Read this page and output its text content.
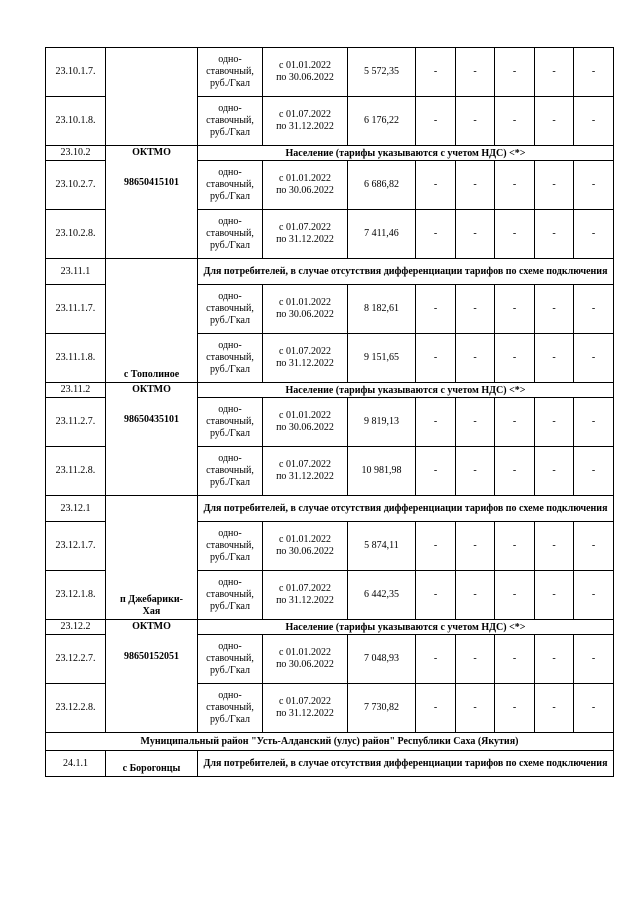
23.10.1.7.		одно-
ставочный,
руб./Гкал	с 01.01.2022
по 30.06.2022	5 572,35	-	-	-	-	-
23.10.1.8.		одно-
ставочный,
руб./Гкал	с 01.07.2022
по 31.12.2022	6 176,22	-	-	-	-	-
23.10.2	ОКТМО
98650415101	Население (тарифы указываются с учетом НДС) <*>							
23.10.2.7.		одно-
ставочный,
руб./Гкал	с 01.01.2022
по 30.06.2022	6 686,82	-	-	-	-	-
23.10.2.8.		одно-
ставочный,
руб./Гкал	с 01.07.2022
по 31.12.2022	7 411,46	-	-	-	-	-
23.11.1	с Тополиное	Для потребителей, в случае отсутствия дифференциации тарифов по схеме подключения							
23.11.1.7.		одно-
ставочный,
руб./Гкал	с 01.01.2022
по 30.06.2022	8 182,61	-	-	-	-	-
23.11.1.8.		одно-
ставочный,
руб./Гкал	с 01.07.2022
по 31.12.2022	9 151,65	-	-	-	-	-
23.11.2	ОКТМО
98650435101	Население (тарифы указываются с учетом НДС) <*>							
23.11.2.7.		одно-
ставочный,
руб./Гкал	с 01.01.2022
по 30.06.2022	9 819,13	-	-	-	-	-
23.11.2.8.		одно-
ставочный,
руб./Гкал	с 01.07.2022
по 31.12.2022	10 981,98	-	-	-	-	-
23.12.1	п Джебарики-
Хая	Для потребителей, в случае отсутствия дифференциации тарифов по схеме подключения							
23.12.1.7.		одно-
ставочный,
руб./Гкал	с 01.01.2022
по 30.06.2022	5 874,11	-	-	-	-	-
23.12.1.8.		одно-
ставочный,
руб./Гкал	с 01.07.2022
по 31.12.2022	6 442,35	-	-	-	-	-
23.12.2	ОКТМО
98650152051	Население (тарифы указываются с учетом НДС) <*>							
23.12.2.7.		одно-
ставочный,
руб./Гкал	с 01.01.2022
по 30.06.2022	7 048,93	-	-	-	-	-
23.12.2.8.		одно-
ставочный,
руб./Гкал	с 01.07.2022
по 31.12.2022	7 730,82	-	-	-	-	-
Муниципальный район "Усть-Алданский (улус) район" Республики Саха (Якутия)									
24.1.1	с Борогонцы	Для потребителей, в случае отсутствия дифференциации тарифов по схеме подключения							
